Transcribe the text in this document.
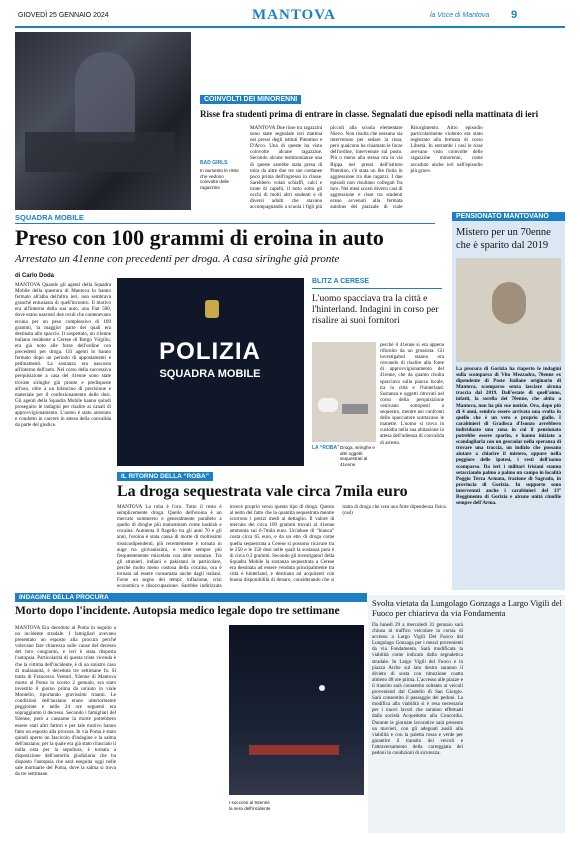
GIOVEDÌ 25 GENNAIO 2024	MANTOVA	la Voce di Mantova 9
COINVOLTI DEI MINORENNI
Risse fra studenti prima di entrare in classe. Segnalati due episodi nella mattinata di ieri
BAD GIRLS
In aumento le risse che vedono coinvolte delle ragazzine
MANTOVA Due risse tra ragazzini sono state segnalate ieri mattina nei pressi degli istituti Pitentino e D'Arco. Una di queste ha visto coinvolte alcune ragazzine. Secondo alcune testimonianze una di queste sarebbe stata presa di mira da altre due tre sue coetanee poco prima dell'ingresso in classe. Sarebbero volati schiaffi, calci e tirate di capelli, il tutto sotto gli occhi di molti altri studenti e di diversi adulti che stavano accompagnando a scuola i figli più piccoli alla scuola elementare Nievo. Non risulta che nessuno sia intervenuto per sedare la rissa, però qualcuno ha chiamato le forze dell'ordine, intervenute sul posto. Più o meno alla stessa ora in via Rippa nei pressi dell'istituto Pitentino, c'è stata un lite finita in aggressione tra due ragazzi. I due episodi non risultano collegati fra loro. Nei mesi scorsi diversi casi di aggressione e risse tra studenti erano avvenuti alla fermata autobus del piazzale di viale Risorgimento. Altro episodio particolarmente violento era stato registrato alla fermata di corso Libertà. In entrambi i casi le risse avevano visto coinvolte delle ragazzine minorenni, come accaduto anche ieri nell'episodio più grave.
SQUADRA MOBILE
Preso con 100 grammi di eroina in auto
Arrestato un 41enne con precedenti per droga. A casa siringhe già pronte
di Carlo Doda
MANTOVA Quando gli agenti della Squadra Mobile della questura di Mantova lo hanno fermato all'alba dell'altro ieri, non sembrava granché entusiasta di quell'incontro. Il motivo era all'interno della sua auto, una Fiat 500, dove erano nascosti due ovuli che contenevano eroina per un peso complessivo di 109 grammi, la maggior parte dei quali era destinata allo spaccio. Il sospettato, un 41enne italiano residente a Cerese di Borgo Virgilio, era già noto alle forze dell'ordine con precedenti per droga. Gli agenti lo hanno fermato dopo un periodo di appostamenti e pedinamenti. La sostanza era nascosta all'interno dell'auto. Nel corso della successiva perquisizione a casa del 41enne sono state trovate siringhe già pronte e predisposte all'uso, oltre a un bilancino di precisione e materiale per il confezionamento delle dosi. Gli agenti della Squadra Mobile hanno quindi proseguito le indagini per risalire ai canali di approvvigionamento. L'uomo è stato arrestato e condotto in carcere in attesa della convalida da parte del giudice.
POLIZIA
SQUADRA MOBILE
BLITZ A CERESE
L'uomo spacciava tra la città e l'hinterland. Indagini in corso per risalire ai suoi fornitori
LA “ROBA” Droga, siringhe e altri oggetti sequestrati al 41enne
PENSIONATO MANTOVANO
Mistero per un 70enne che è sparito dal 2019
La procura di Gorizia ha riaperto le indagini sulla scomparsa di Vito Mezzadra, 70enne ex dipendente di Poste Italiane originario di Mantova, scomparso senza lasciare alcuna traccia dal 2019. Dall'estate di quell'anno, infatti, la sorella del 70enne, che abita a Mantova, non ha più sue notizie. Ora, dopo più di 4 anni, sembra essere arrivata una svolta in quello che è un vero e proprio giallo. I carabinieri di Gradisca d'Isonzo avrebbero individuato una zona in cui il pensionato potrebbe essere sparito, e hanno iniziato a scandagliarla con un georadar nella speranza di trovare una traccia, un indizio che possano aiutare a chiarire il mistero, oppure nella peggiore delle ipotesi, i resti dell'uomo scomparso. Da ieri i militari frisiani stanno setacciando palmo a palmo un campo in località Poggio Terza Armata, frazione di Sagrado, in provincia di Gorizia. In supporto sono intervenuti anche i carabinieri del 13° Reggimento di Gorizia e alcune unità cinofile sempre dell'Arma.
IL RITORNO DELLA “ROBA”
La droga sequestrata vale circa 7mila euro
MANTOVA La roba è l'oro. Tutto il resto è semplicemente droga. Quello dell'eroina è un mercato sommerso e generalmente parallelo a quello di droghe più mainstream come hashish e cocaina. Aumenta il flagello tra gli anni 70 e gli anni, l'eroina è stata causa di morte di moltissimi tossicodipendenti, più recentemente è tornata in auge tra giovanissimi, e viene sempre più frequentemente miscelata con altre sostanze. Tra gli stranieri, indiani e pakistani in particolare, perché molto meno costosa della cocaina, ora è tornata ad essere consumata anche dagli italiani. Forse un segno dei tempi: inflazione, crisi economica e disoccupazione. Sarebbe indirizzata invece proprio verso questo tipo di droga. Questo al netto del fatto che la quantità sequestrata mentre scorrono i prezzi medi al dettaglio. Il valore di mercato dei circa 109 grammi trovati al 41enne ammonta sui 6-7mila euro. Un'adose di “bianca” costa circa 65 euro, e da un etto di droga come quella sequestrata a Cerese si possono ricavare tra le 250 e le 350 dosi nelle quali la sostanza pura è di circa 0,3 grammi. Secondo gli investigatori della Squadra Mobile la sostanza sequestrata a Cerese era destinata ad essere venduta principalmente tra città e hinterland, e destinata ad acquirenti con buona disponibilità di denaro, considerando che si tratta di droga che crea una forte dipendenza fisica. (cad)
INDAGINE DELLA PROCURA
Morto dopo l'incidente. Autopsia medico legale dopo tre settimane
MANTOVA Era deceduto al Poma in seguito a un incidente stradale. I famigliari avevano presentato un esposto alla procura perché volevano fare chiarezza sulle cause del decesso del loro congiunto, e ieri è stata disposta l'autopsia. Particolarità di questa triste vicenda è che la vittima dell'incidente, è di un sinistro caso di malasanità, è deceduta tre settimane fa. Si tratta di Francesco Venturi, 92enne di Mantova morto al Poma lo scorso 2 gennaio, era stato investito il giorno prima da un'auto in viale Montello, riportando gravissimi traumi. Le condizioni dell'anziano erano ulteriormente peggiorate e nelle 24 ore seguenti era sopraggiunto il decesso. Secondo i famigliari del 92enne, però a causarne la morte potrebbero essere stati altri fattori e per tale motivo hanno fatto un esposto alla procura. In via Poma è stato quindi aperto un fascicolo d'indagine e la salma dell'anziano, per la quale era già stato rilasciato il nulla osta per la sepoltura, è tornata a disposizione dell'autorità giudiziaria che ha disposto l'autopsia che sarà eseguita oggi nelle sale mortuarie del Poma, dove la salma si trova da tre settimane.
I soccorsi al 92enne la sera dell'incidente
Svolta vietata da Lungolago Gonzaga a Largo Vigili del Fuoco per chiarirva da via Fondamenta
Da lunedì 29 a mercoledì 31 gennaio sarà chiusa al traffico veicolare la corsia di accesso a Largo Vigili Del Fuoco dal Lungolago Gonzaga per i mezzi provenienti da via Fondamenta. Sarà modificata la viabilità come indicato dalla segnaletica stradale. In Largo Vigili del Fuoco e in piazza Arche sul lato destro saranno il divieto di sosta con rimozione coatta almeno 48 ore prima. L'accesso alle piazze e il transito sarà consentito soltanto ai veicoli provenienti dal Castello di San Giorgio. Sarà consentito il passaggio dei pedoni. La modifica alla viabilità si è resa necessaria per i nuovi lavori che saranno effettuati dalla società Acquedotto alla Concordia. Durante le giornate lavorative sarà presente un movieri, con gli adeguati ausili alla viabilità e con la paletta rossa e verde per garantire il transito dei veicoli e l'attraversamento della carreggiata dei pedoni in condizioni di sicurezza.
perché il 41enne si era appena rifornito da un grossista. Gli investigatori stanno ora cercando di risalire alla fonte di approvvigionamento del 41enne, che da quanto risulta spacciava sulla piazza locale, tra la città e l'hinterland. Sostanza e oggetti ritrovati nel corso della perquisizione venivano sottoposti a sequestro, mentre nei confronti dello spacciatore scattavano le manette. L'uomo si trova in custodia nella sua abitazione in attesa dell'udienza di convalida di arresto.
